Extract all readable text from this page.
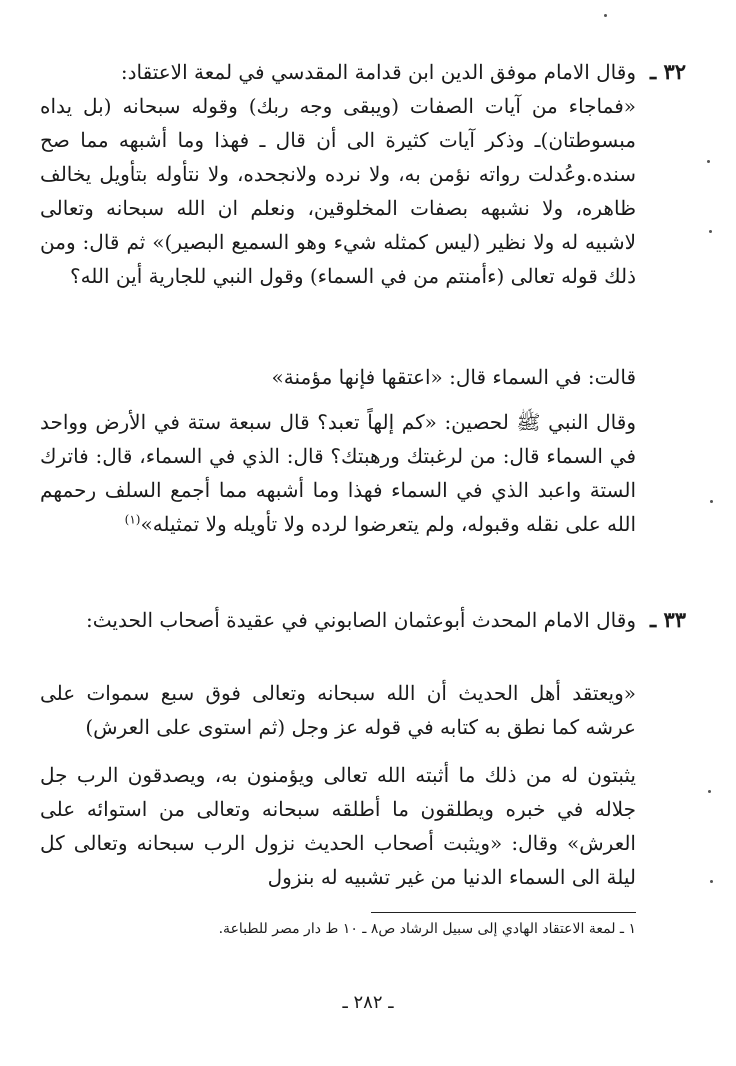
٣٢ ـ

وقال الامام موفق الدين ابن قدامة المقدسي في لمعة الاعتقاد:

«فماجاء من آيات الصفات (ويبقى وجه ربك) وقوله سبحانه (بل يداه مبسوطتان)ـ وذكر آيات كثيرة الى أن قال ـ فهذا وما أشبهه مما صح سنده.وعُدلت رواته نؤمن به، ولا نرده ولانجحده، ولا نتأوله بتأويل يخالف ظاهره، ولا نشبهه بصفات المخلوقين، ونعلم ان الله سبحانه وتعالى لاشبيه له ولا نظير (ليس كمثله شيء وهو السميع البصير)» ثم قال: ومن ذلك قوله تعالى (ءأمنتم من في السماء) وقول النبي للجارية أين الله؟

قالت: في السماء قال: «اعتقها فإنها مؤمنة»

وقال النبي ﷺ لحصين: «كم إلهاً تعبد؟ قال سبعة ستة في الأرض وواحد في السماء قال: من لرغبتك ورهبتك؟ قال: الذي في السماء، قال: فاترك الستة واعبد الذي في السماء فهذا وما أشبهه مما أجمع السلف رحمهم الله على نقله وقبوله، ولم يتعرضوا لرده ولا تأويله ولا تمثيله»$^{(١)}$

٣٣ ـ

وقال الامام المحدث أبوعثمان الصابوني في عقيدة أصحاب الحديث:

«ويعتقد أهل الحديث أن الله سبحانه وتعالى فوق سبع سموات على عرشه كما نطق به كتابه في قوله عز وجل (ثم استوى على العرش)

يثبتون له من ذلك ما أثبته الله تعالى ويؤمنون به، ويصدقون الرب جل جلاله في خبره ويطلقون ما أطلقه سبحانه وتعالى من استوائه على العرش» وقال: «ويثبت أصحاب الحديث نزول الرب سبحانه وتعالى كل ليلة الى السماء الدنيا من غير تشبيه له بنزول

١ ـ لمعة الاعتقاد الهادي إلى سبيل الرشاد ص٨ ـ ١٠ ط دار مصر للطباعة.
ـ ٢٨٢ ـ
